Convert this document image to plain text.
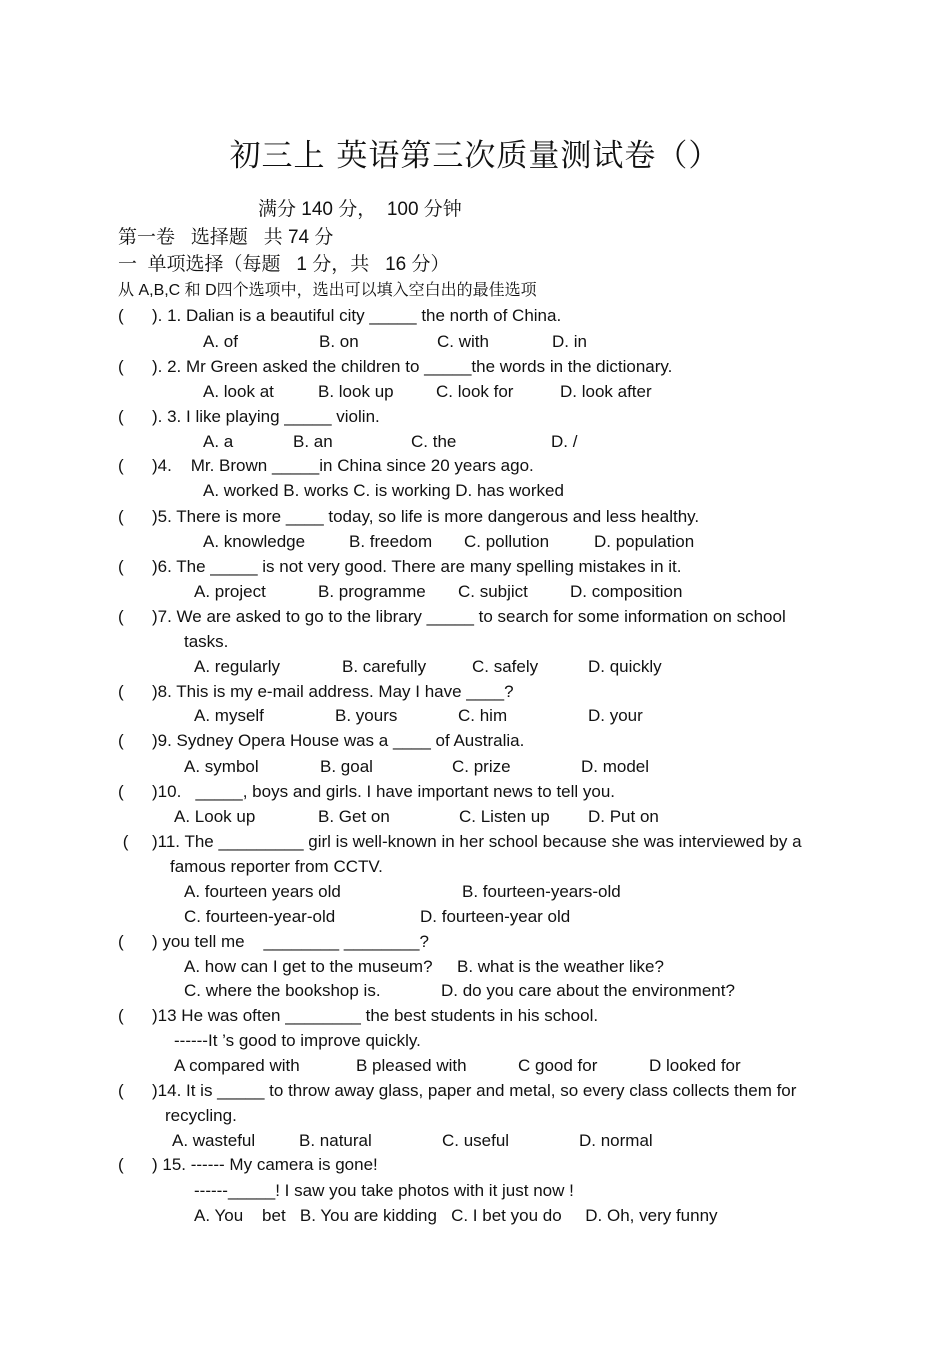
初三上 英语第三次质量测试卷（）
满分 140 分，  100 分钟
第一卷   选择题   共 74 分
一  单项选择（每题   1 分，共   16 分）
从 A,B,C 和 D四个选项中，选出可以填入空白出的最佳选项
(      ). 1. Dalian is a beautiful city _____ the north of China.
A. of	B. on	C. with	D. in
(      ). 2. Mr Green asked the children to _____the words in the dictionary.
A. look at	B. look up C. look for	D. look after
(      ). 3. I like playing _____ violin.
A. a	B. an	C. the	D. /
(      )4.    Mr. Brown _____in China since 20 years ago.
A. worked B. works C. is working D. has worked
(      )5. There is more ____ today, so life is more dangerous and less healthy.
A. knowledge	B. freedom C. pollution	D. population
(      )6. The _____ is not very good. There are many spelling mistakes in it.
A. project	B. programme C. subjict D. composition
(      )7. We are asked to go to the library _____ to search for some information on school
tasks.
A. regularly	B. carefully	C. safely	D. quickly
(      )8. This is my e-mail address. May I have ____?
A. myself	B. yours	C. him	D. your
(      )9. Sydney Opera House was a ____ of Australia.
A. symbol	B. goal	C. prize	D. model
(      )10.   _____, boys and girls. I have important news to tell you.
A. Look up	B. Get on	C. Listen up D. Put on
(     )11. The _________ girl is well-known in her school because she was interviewed by a
famous reporter from CCTV.
A. fourteen years old	B. fourteen-years-old
C. fourteen-year-old	D. fourteen-year old
(      ) you tell me    ________ ________?
A. how can I get to the museum? B. what is the weather like?
C. where the bookshop is.	D. do you care about the environment?
(      )13 He was often ________ the best students in his school.
------It ’s good to improve quickly.
A compared with	B pleased with	C good for	D looked for
(      )14. It is _____ to throw away glass, paper and metal, so every class collects them for
recycling.
A. wasteful	B. natural	C. useful	D. normal
(      ) 15. ------ My camera is gone!
------_____! I saw you take photos with it just now !
A. You    bet   B. You are kidding   C. I bet you do     D. Oh, very funny
